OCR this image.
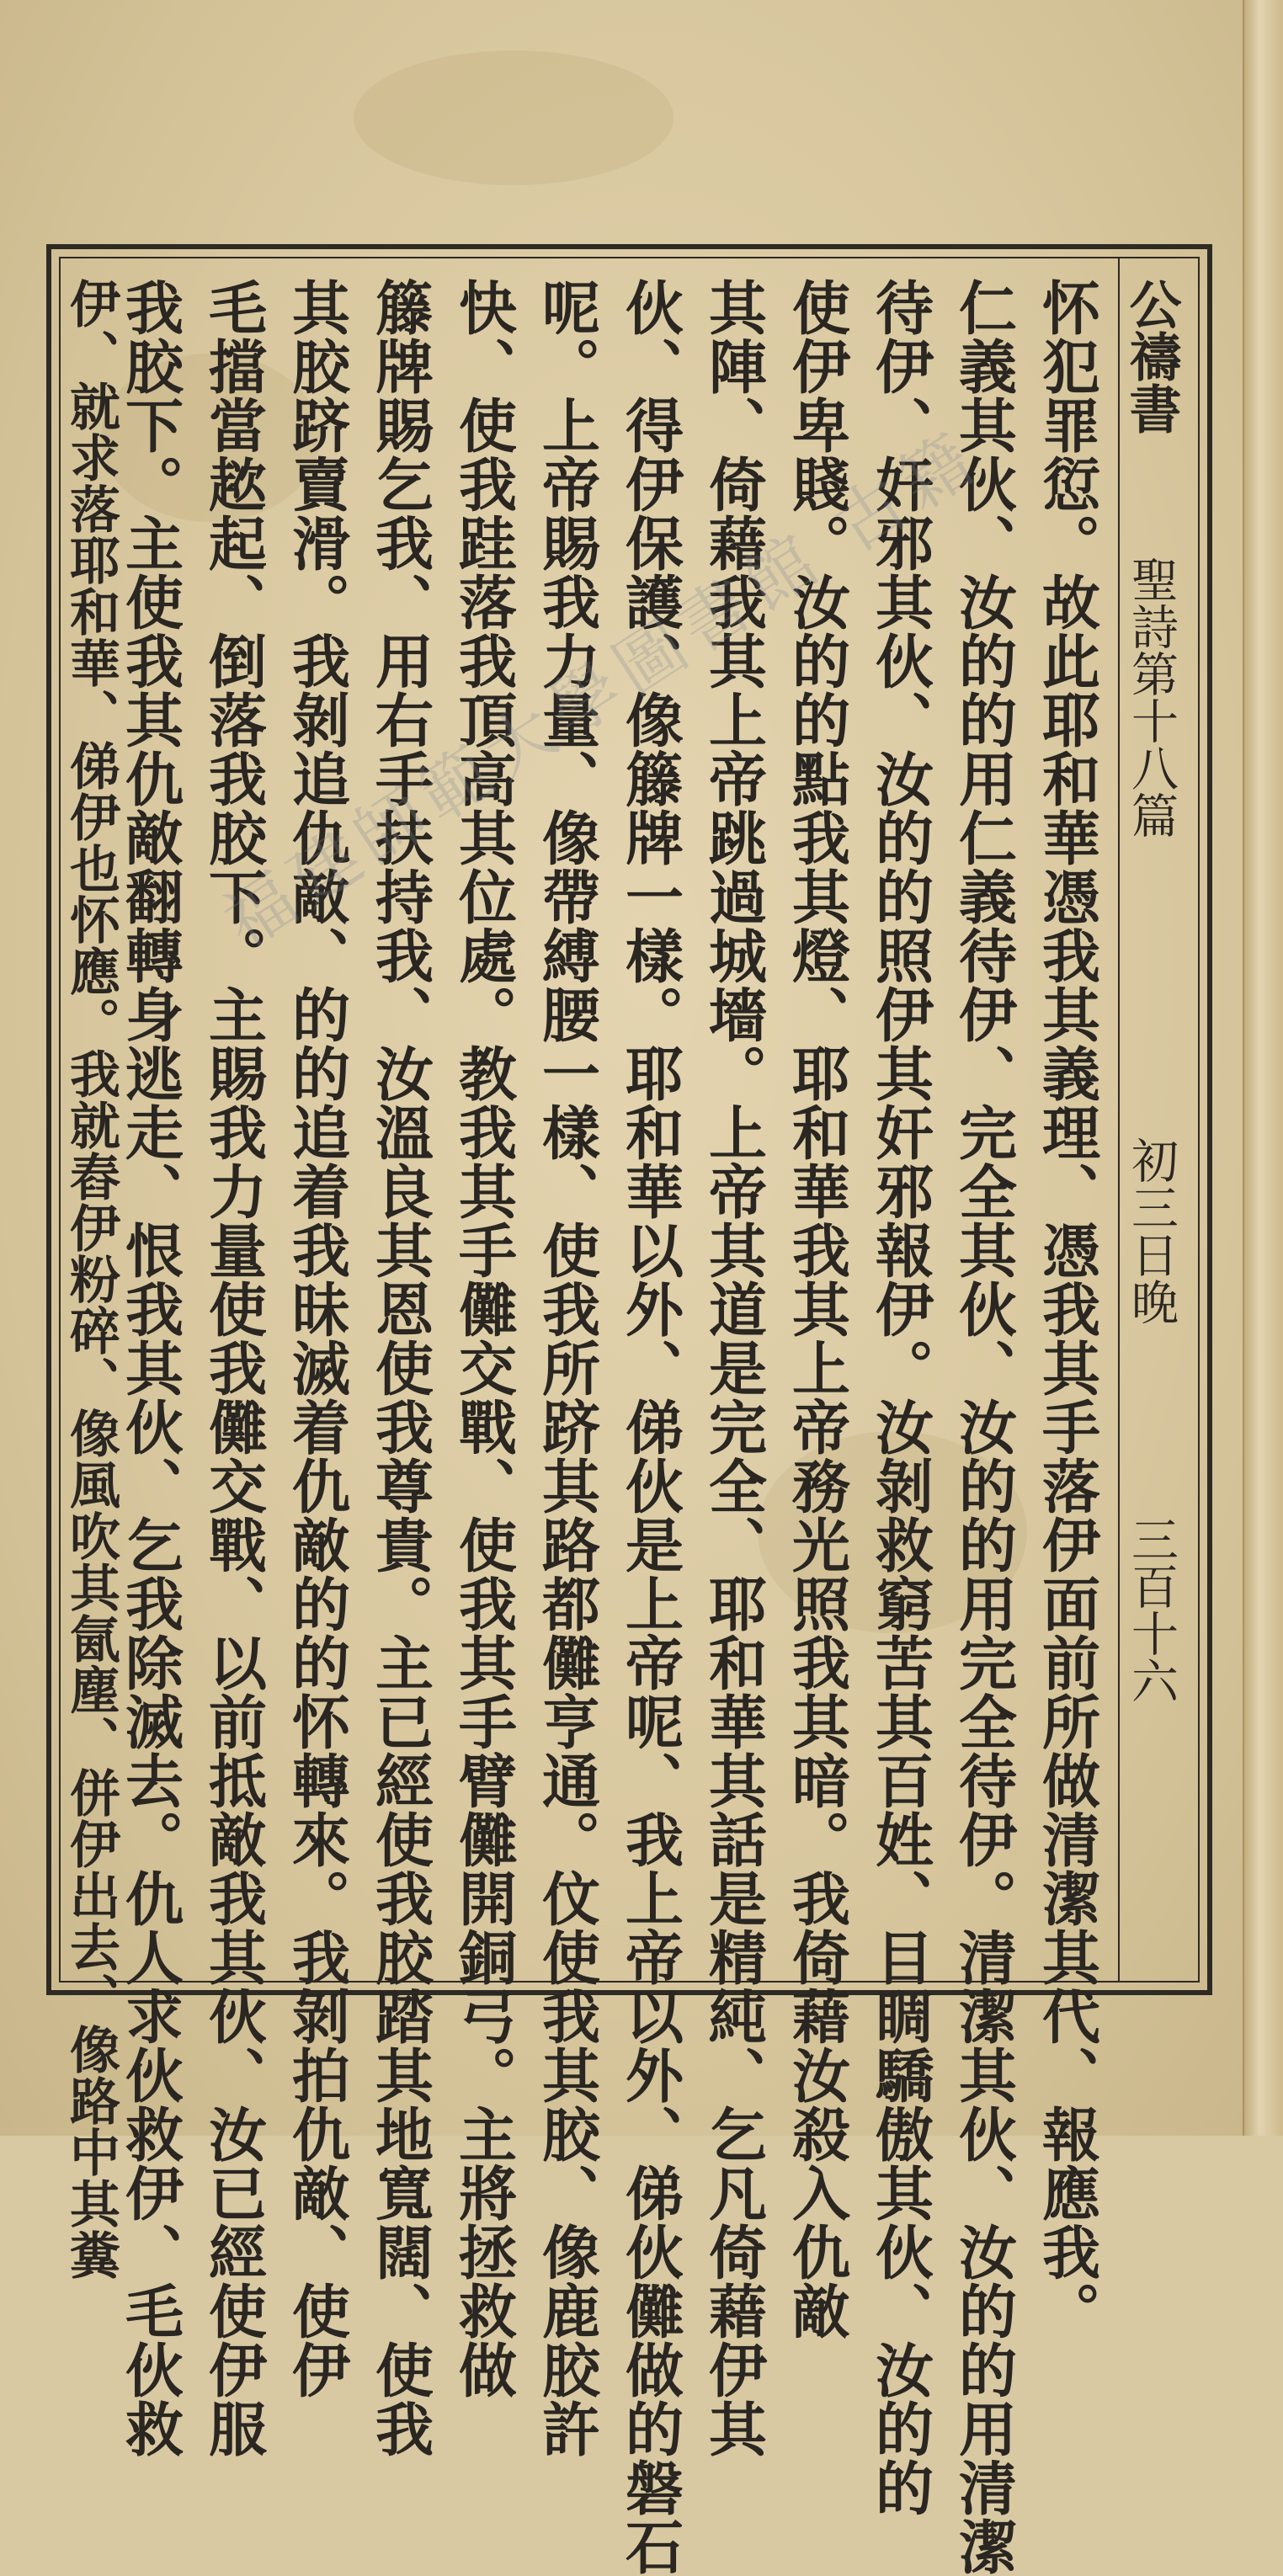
公禱書
聖詩第十八篇
初三日晚
三百十六
怀犯罪愆。故此耶和華憑我其義理、憑我其手落伊面前所做清潔其代、報應我。
仁義其伙、汝的的用仁義待伊、完全其伙、汝的的用完全待伊。清潔其伙、汝的的用清潔
待伊、奸邪其伙、汝的的照伊其奸邪報伊。汝剝救窮苦其百姓、目睭驕傲其伙、汝的的
使伊卑賤。汝的的點我其燈、耶和華我其上帝務光照我其暗。我倚藉汝殺入仇敵
其陣、倚藉我其上帝跳過城墻。上帝其道是完全、耶和華其話是精純、乞凡倚藉伊其
伙、得伊保護、像籐牌一樣。耶和華以外、俤伙是上帝呢、我上帝以外、俤伙儺做的磐石
呢。上帝賜我力量、像帶縛腰一樣、使我所跻其路都儺亨通。伩使我其胶、像鹿胶許
快、使我跬落我頂高其位處。教我其手儺交戰、使我其手臂儺開銅弓。主將拯救做
籐牌賜乞我、用右手扶持我、汝溫良其恩使我尊貴。主已經使我胶踏其地寬闊、使我
其胶跻賣滑。我剝追仇敵、的的追着我昧滅着仇敵的的怀轉來。我剝拍仇敵、使伊
毛擋當趑起、倒落我胶下。主賜我力量使我儺交戰、以前抵敵我其伙、汝已經使伊服
我胶下。主使我其仇敵翻轉身逃走、恨我其伙、乞我除滅去。仇人求伙救伊、毛伙救
伊、就求落耶和華、俤伊也怀應。我就舂伊粉碎、像風吹其氤塵、併伊出去、像路中其糞 福建師範大學圖書館 古籍
